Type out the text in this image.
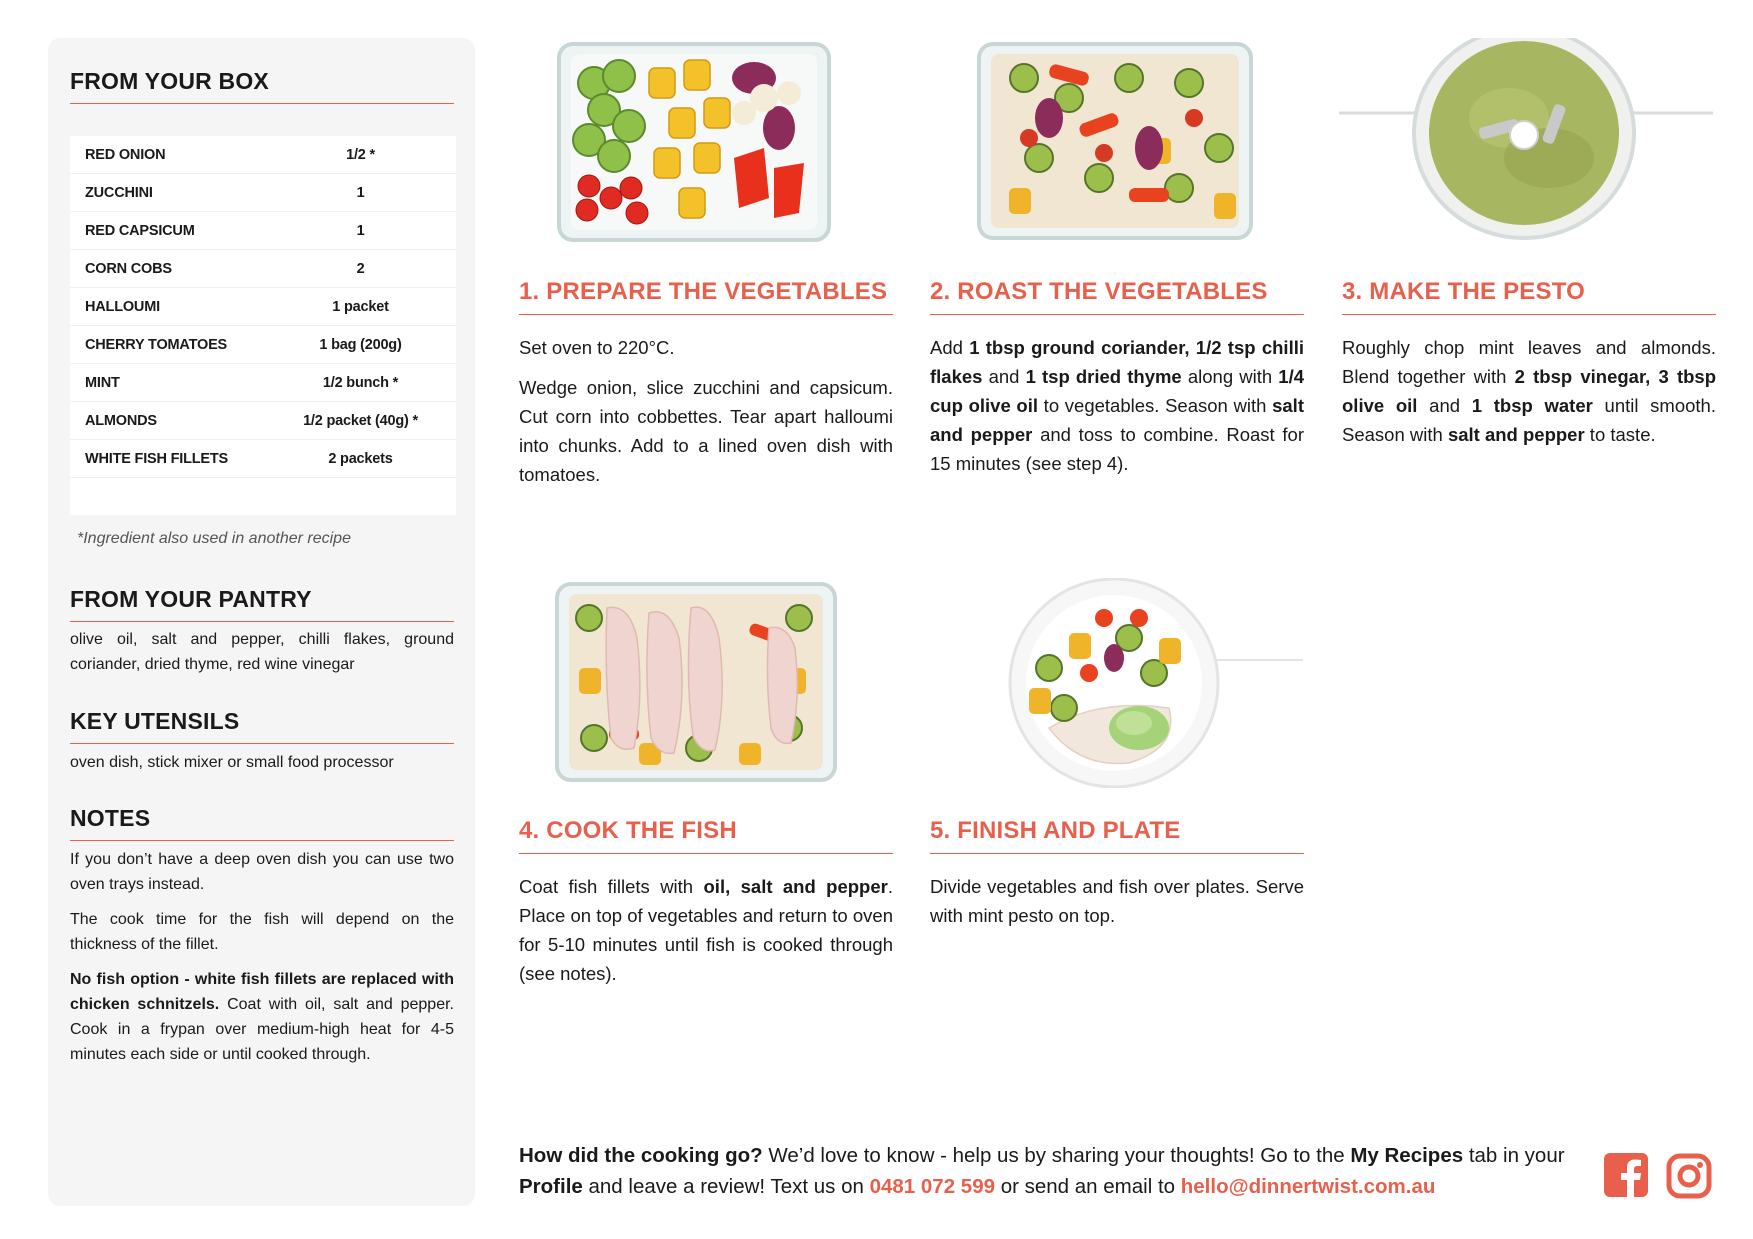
FROM YOUR BOX
RED ONION	1/2 *
ZUCCHINI	1
RED CAPSICUM	1
CORN COBS	2
HALLOUMI	1 packet
CHERRY TOMATOES	1 bag (200g)
MINT	1/2 bunch *
ALMONDS	1/2 packet (40g) *
WHITE FISH FILLETS	2 packets
*Ingredient also used in another recipe
FROM YOUR PANTRY
olive oil, salt and pepper, chilli flakes, ground coriander, dried thyme, red wine vinegar
KEY UTENSILS
oven dish, stick mixer or small food processor
NOTES

If you don’t have a deep oven dish you can use two oven trays instead.

The cook time for the fish will depend on the thickness of the fillet.

No fish option - white fish fillets are replaced with chicken schnitzels. Coat with oil, salt and pepper. Cook in a frypan over medium-high heat for 4-5 minutes each side or until cooked through.

1. PREPARE THE VEGETABLES

Set oven to 220°C.

Wedge onion, slice zucchini and capsicum. Cut corn into cobbettes. Tear apart halloumi into chunks. Add to a lined oven dish with tomatoes.

2. ROAST THE VEGETABLES

Add 1 tbsp ground coriander, 1/2 tsp chilli flakes and 1 tsp dried thyme along with 1/4 cup olive oil to vegetables. Season with salt and pepper and toss to combine. Roast for 15 minutes (see step 4).

3. MAKE THE PESTO

Roughly chop mint leaves and almonds. Blend together with 2 tbsp vinegar, 3 tbsp olive oil and 1 tbsp water until smooth. Season with salt and pepper to taste.

4. COOK THE FISH

Coat fish fillets with oil, salt and pepper. Place on top of vegetables and return to oven for 5-10 minutes until fish is cooked through (see notes).

5. FINISH AND PLATE

Divide vegetables and fish over plates. Serve with mint pesto on top.

How did the cooking go? We’d love to know - help us by sharing your thoughts! Go to the My Recipes tab in your Profile and leave a review! Text us on 0481 072 599 or send an email to hello@dinnertwist.com.au
